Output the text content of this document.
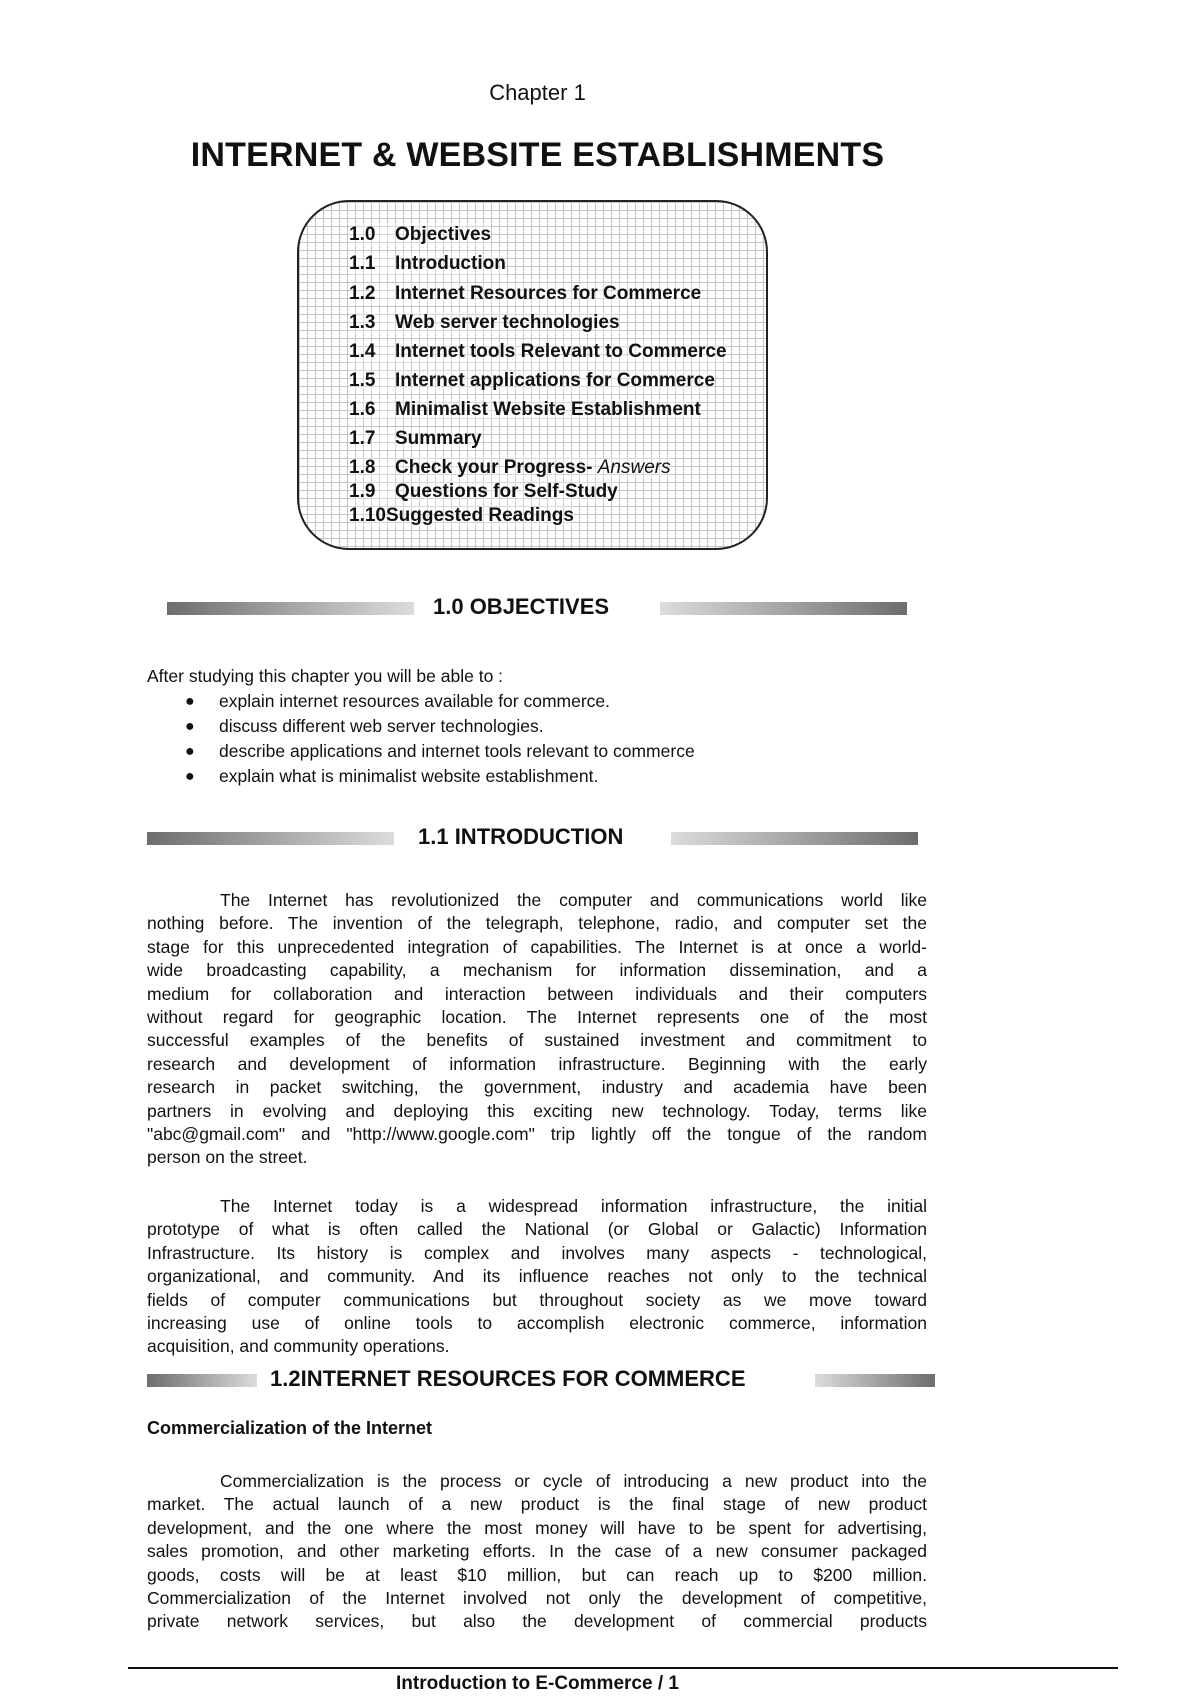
Chapter 1
INTERNET & WEBSITE ESTABLISHMENTS
1.0 Objectives
1.1 Introduction
1.2 Internet Resources for Commerce
1.3 Web server technologies
1.4 Internet tools Relevant to Commerce
1.5 Internet applications for Commerce
1.6 Minimalist Website Establishment
1.7 Summary
1.8 Check your Progress- Answers
1.9 Questions for Self-Study
1.10Suggested Readings
1.0 OBJECTIVES
After studying this chapter you will be able to :
● explain internet resources available for commerce.
● discuss different web server technologies.
● describe applications and internet tools relevant to commerce
● explain what is minimalist website establishment.
1.1 INTRODUCTION
The Internet has revolutionized the computer and communications world like
nothing before. The invention of the telegraph, telephone, radio, and computer set the
stage for this unprecedented integration of capabilities. The Internet is at once a world-
wide broadcasting capability, a mechanism for information dissemination, and a
medium for collaboration and interaction between individuals and their computers
without regard for geographic location. The Internet represents one of the most
successful examples of the benefits of sustained investment and commitment to
research and development of information infrastructure. Beginning with the early
research in packet switching, the government, industry and academia have been
partners in evolving and deploying this exciting new technology. Today, terms like
"abc@gmail.com" and "http://www.google.com" trip lightly off the tongue of the random
person on the street.
The Internet today is a widespread information infrastructure, the initial
prototype of what is often called the National (or Global or Galactic) Information
Infrastructure. Its history is complex and involves many aspects - technological,
organizational, and community. And its influence reaches not only to the technical
fields of computer communications but throughout society as we move toward
increasing use of online tools to accomplish electronic commerce, information
acquisition, and community operations.
1.2INTERNET RESOURCES FOR COMMERCE
Commercialization of the Internet
Commercialization is the process or cycle of introducing a new product into the
market. The actual launch of a new product is the final stage of new product
development, and the one where the most money will have to be spent for advertising,
sales promotion, and other marketing efforts. In the case of a new consumer packaged
goods, costs will be at least $10 million, but can reach up to $200 million.
Commercialization of the Internet involved not only the development of competitive,
private network services, but also the development of commercial products
Introduction to E-Commerce / 1
